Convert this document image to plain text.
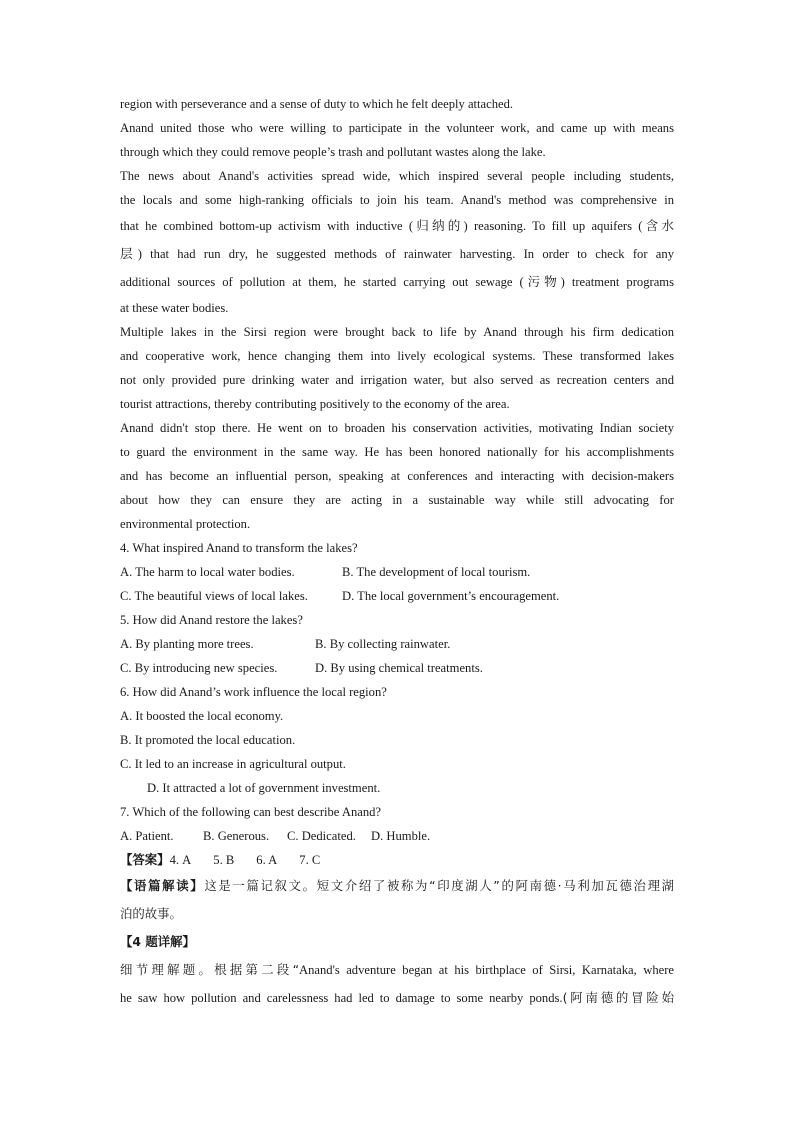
region with perseverance and a sense of duty to which he felt deeply attached.
Anand united those who were willing to participate in the volunteer work, and came up with means
through which they could remove people’s trash and pollutant wastes along the lake.
The news about Anand's activities spread wide, which inspired several people including students,
the locals and some high-ranking officials to join his team. Anand's method was comprehensive in
that he combined bottom-up activism with inductive (归纳的) reasoning. To fill up aquifers (含水
层) that had run dry, he suggested methods of rainwater harvesting. In order to check for any
additional sources of pollution at them, he started carrying out sewage (污物) treatment programs
at these water bodies.
Multiple lakes in the Sirsi region were brought back to life by Anand through his firm dedication
and cooperative work, hence changing them into lively ecological systems. These transformed lakes
not only provided pure drinking water and irrigation water, but also served as recreation centers and
tourist attractions, thereby contributing positively to the economy of the area.
Anand didn't stop there. He went on to broaden his conservation activities, motivating Indian society
to guard the environment in the same way. He has been honored nationally for his accomplishments
and has become an influential person, speaking at conferences and interacting with decision-makers
about how they can ensure they are acting in a sustainable way while still advocating for
environmental protection.
4. What inspired Anand to transform the lakes?
A. The harm to local water bodies.	B. The development of local tourism.
C. The beautiful views of local lakes.	D. The local government’s encouragement.
5. How did Anand restore the lakes?
A. By planting more trees.	B. By collecting rainwater.
C. By introducing new species.	D. By using chemical treatments.
6. How did Anand’s work influence the local region?
A. It boosted the local economy.
B. It promoted the local education.
C. It led to an increase in agricultural output.
D. It attracted a lot of government investment.
7. Which of the following can best describe Anand?
A. Patient. B. Generous. C. Dedicated. D. Humble.
【答案】4. A 5. B 6. A 7. C
【语篇解读】这是一篇记叙文。短文介绍了被称为“印度湖人”的阿南德·马利加瓦德治理湖
泊的故事。
【4 题详解】
细节理解题。根据第二段“Anand's adventure began at his birthplace of Sirsi, Karnataka, where
he saw how pollution and carelessness had led to damage to some nearby ponds.(阿南德的冒险始
